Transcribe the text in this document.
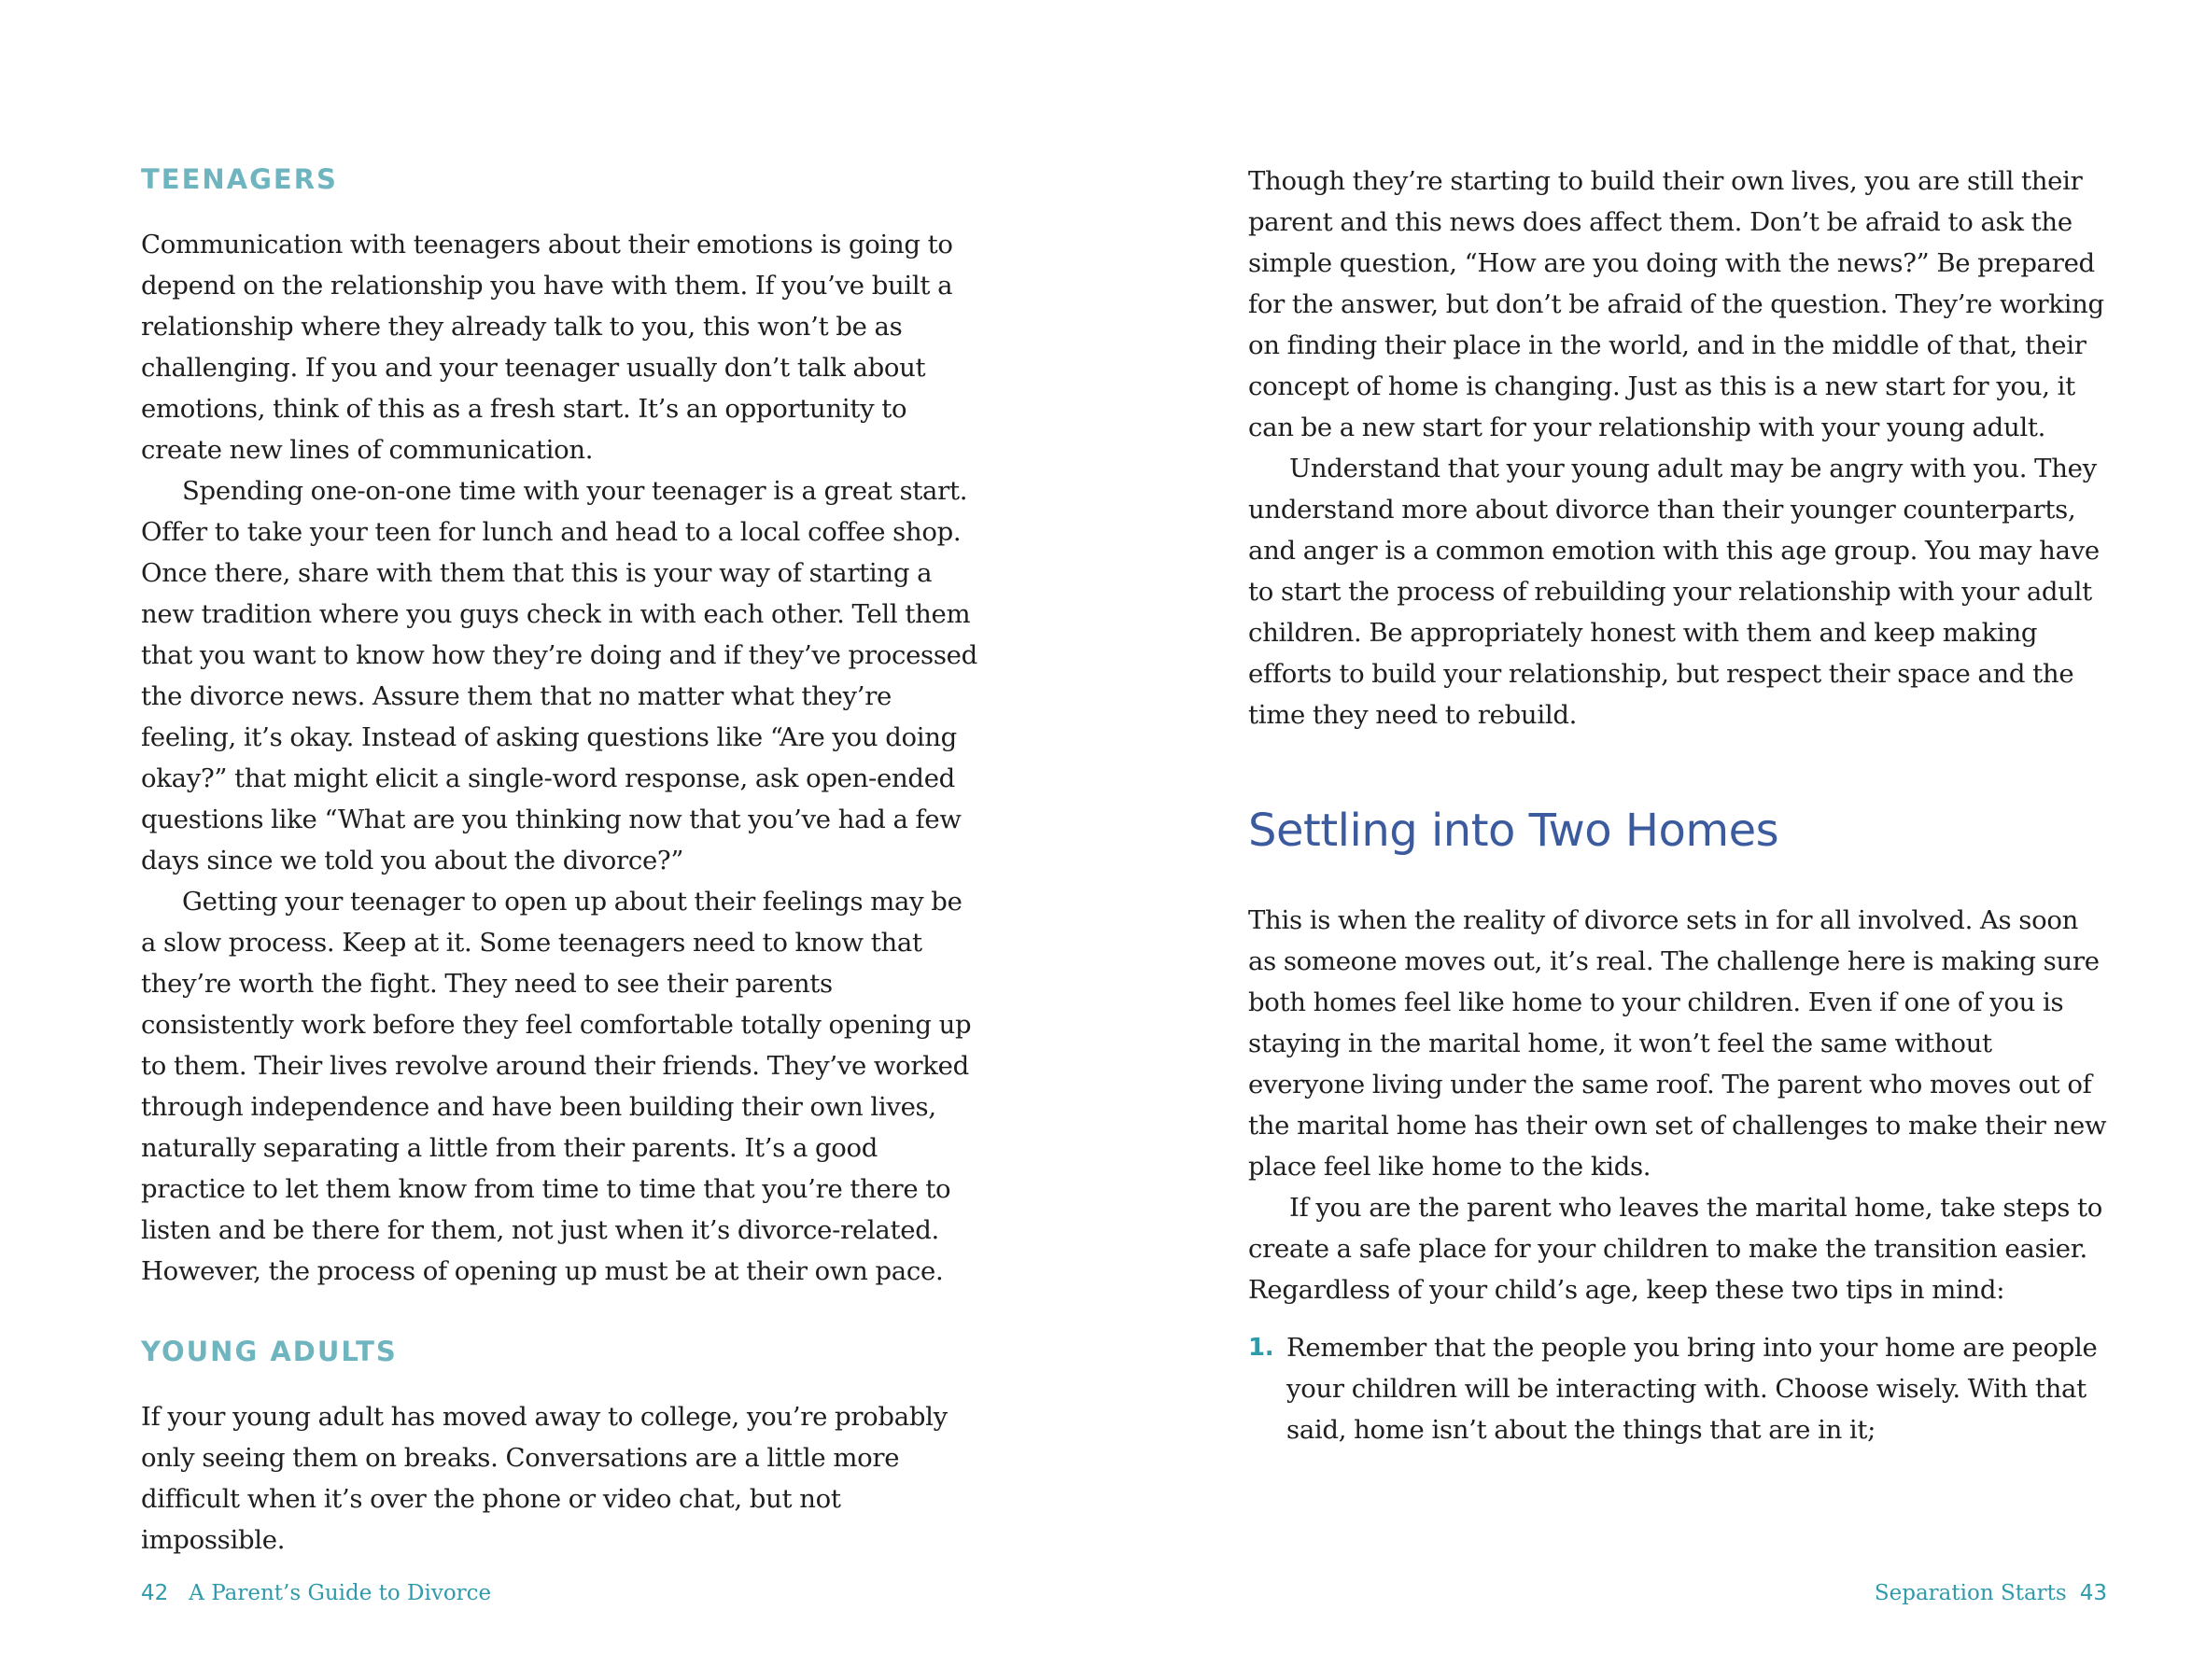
TEENAGERS

Communication with teenagers about their emotions is going to depend on the relationship you have with them. If you’ve built a relationship where they already talk to you, this won’t be as challenging. If you and your teenager usually don’t talk about emotions, think of this as a fresh start. It’s an opportunity to create new lines of communication.

Spending one-on-one time with your teenager is a great start. Offer to take your teen for lunch and head to a local coffee shop. Once there, share with them that this is your way of starting a new tradition where you guys check in with each other. Tell them that you want to know how they’re doing and if they’ve processed the divorce news. Assure them that no matter what they’re feeling, it’s okay. Instead of asking questions like “Are you doing okay?” that might elicit a single-word response, ask open-ended questions like “What are you thinking now that you’ve had a few days since we told you about the divorce?”

Getting your teenager to open up about their feelings may be a slow process. Keep at it. Some teenagers need to know that they’re worth the fight. They need to see their parents consistently work before they feel comfortable totally opening up to them. Their lives revolve around their friends. They’ve worked through independence and have been building their own lives, naturally separating a little from their parents. It’s a good practice to let them know from time to time that you’re there to listen and be there for them, not just when it’s divorce-related. However, the process of opening up must be at their own pace.

YOUNG ADULTS

If your young adult has moved away to college, you’re probably only seeing them on breaks. Conversations are a little more difficult when it’s over the phone or video chat, but not impossible.

42 A Parent’s Guide to Divorce

Though they’re starting to build their own lives, you are still their parent and this news does affect them. Don’t be afraid to ask the simple question, “How are you doing with the news?” Be prepared for the answer, but don’t be afraid of the question. They’re working on finding their place in the world, and in the middle of that, their concept of home is changing. Just as this is a new start for you, it can be a new start for your relationship with your young adult.

Understand that your young adult may be angry with you. They understand more about divorce than their younger counterparts, and anger is a common emotion with this age group. You may have to start the process of rebuilding your relationship with your adult children. Be appropriately honest with them and keep making efforts to build your relationship, but respect their space and the time they need to rebuild.

Settling into Two Homes

This is when the reality of divorce sets in for all involved. As soon as someone moves out, it’s real. The challenge here is making sure both homes feel like home to your children. Even if one of you is staying in the marital home, it won’t feel the same without everyone living under the same roof. The parent who moves out of the marital home has their own set of challenges to make their new place feel like home to the kids.

If you are the parent who leaves the marital home, take steps to create a safe place for your children to make the transition easier. Regardless of your child’s age, keep these two tips in mind:

1. Remember that the people you bring into your home are people your children will be interacting with. Choose wisely. With that said, home isn’t about the things that are in it;
Separation Starts 43
